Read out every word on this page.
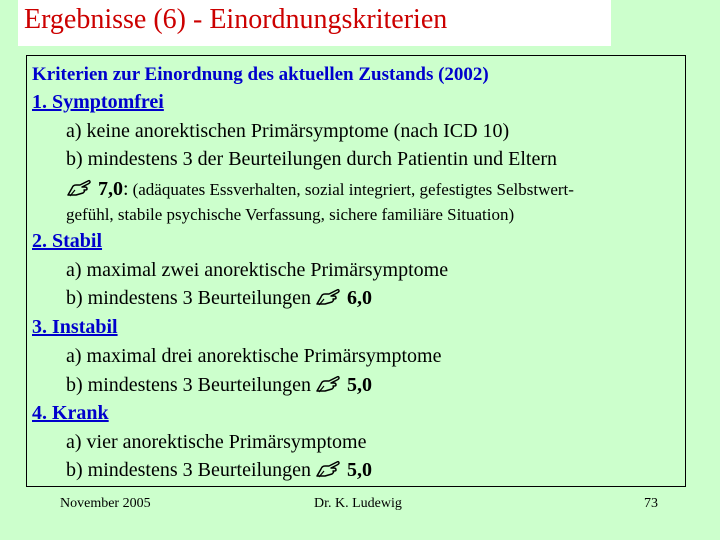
Ergebnisse (6) - Einordnungskriterien
Kriterien zur Einordnung des aktuellen Zustands (2002)
1. Symptomfrei
a) keine anorektischen Primärsymptome (nach ICD 10)
b) mindestens 3 der Beurteilungen durch Patientin und Eltern
7,0: (adäquates Essverhalten, sozial integriert, gefestigtes Selbstwert-
gefühl, stabile psychische Verfassung, sichere familiäre Situation)
2. Stabil
a) maximal zwei anorektische Primärsymptome
b) mindestens 3 Beurteilungen 6,0
3. Instabil
a) maximal drei anorektische Primärsymptome
b) mindestens 3 Beurteilungen 5,0
4. Krank
a) vier anorektische Primärsymptome
b) mindestens 3 Beurteilungen 5,0
November 2005	Dr. K. Ludewig	73
